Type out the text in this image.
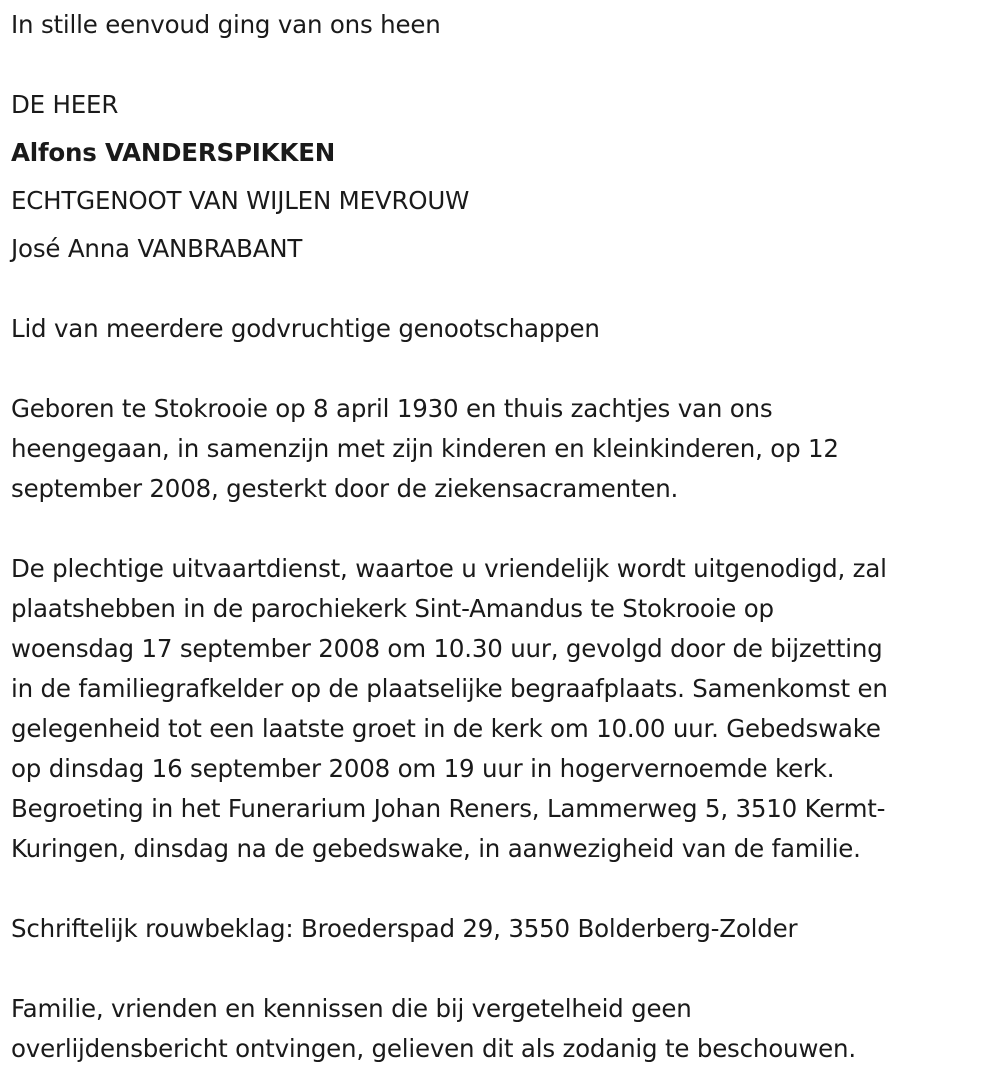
In stille eenvoud ging van ons heen
DE HEER
Alfons VANDERSPIKKEN
ECHTGENOOT VAN WIJLEN MEVROUW
José Anna VANBRABANT
Lid van meerdere godvruchtige genootschappen
Geboren te Stokrooie op 8 april 1930 en thuis zachtjes van ons
heengegaan, in samenzijn met zijn kinderen en kleinkinderen, op 12
september 2008, gesterkt door de ziekensacramenten.
De plechtige uitvaartdienst, waartoe u vriendelijk wordt uitgenodigd, zal
plaatshebben in de parochiekerk Sint-Amandus te Stokrooie op
woensdag 17 september 2008 om 10.30 uur, gevolgd door de bijzetting
in de familiegrafkelder op de plaatselijke begraafplaats. Samenkomst en
gelegenheid tot een laatste groet in de kerk om 10.00 uur. Gebedswake
op dinsdag 16 september 2008 om 19 uur in hogervernoemde kerk.
Begroeting in het Funerarium Johan Reners, Lammerweg 5, 3510 Kermt-
Kuringen, dinsdag na de gebedswake, in aanwezigheid van de familie.
Schriftelijk rouwbeklag: Broederspad 29, 3550 Bolderberg-Zolder
Familie, vrienden en kennissen die bij vergetelheid geen
overlijdensbericht ontvingen, gelieven dit als zodanig te beschouwen.
